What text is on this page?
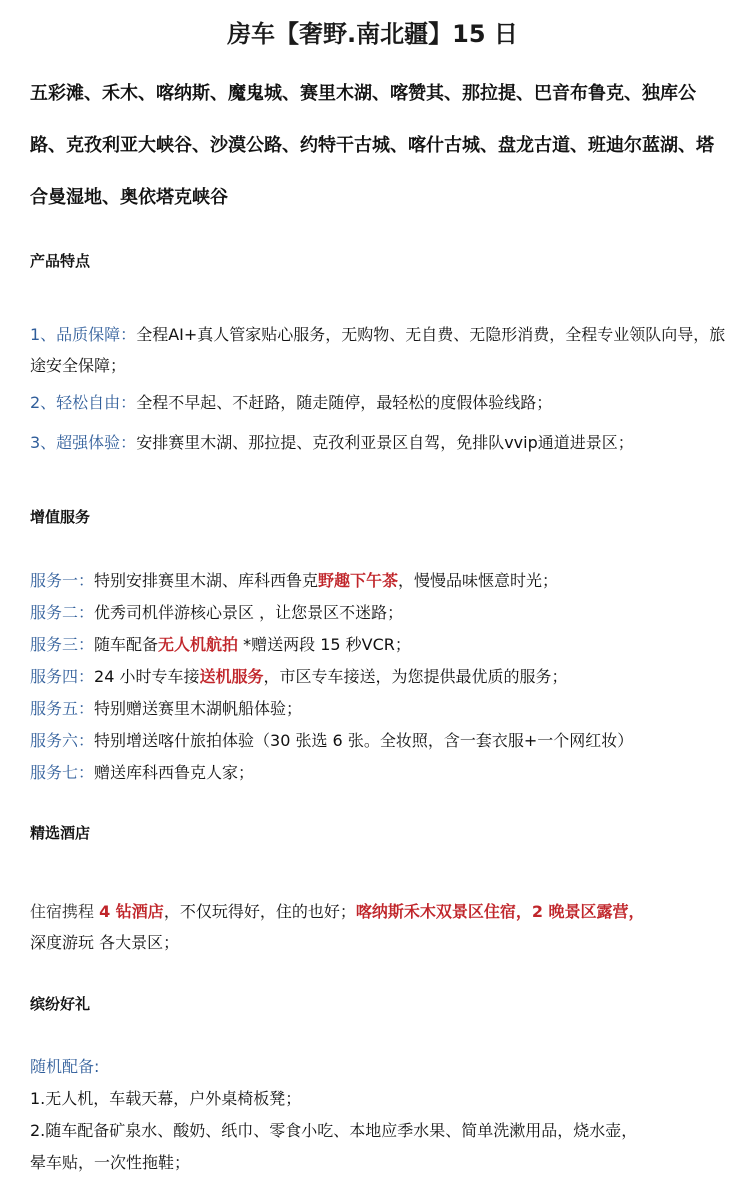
房车【奢野.南北疆】15 日
五彩滩、禾木、喀纳斯、魔鬼城、赛里木湖、喀赞其、那拉提、巴音布鲁克、独库公路、克孜利亚大峡谷、沙漠公路、约特干古城、喀什古城、盘龙古道、班迪尔蓝湖、塔合曼湿地、奥依塔克峡谷
产品特点
1、品质保障：全程AI+真人管家贴心服务，无购物、无自费、无隐形消费，全程专业领队向导，旅途安全保障；
2、轻松自由：全程不早起、不赶路，随走随停，最轻松的度假体验线路；
3、超强体验：安排赛里木湖、那拉提、克孜利亚景区自驾，免排队vvip通道进景区；
增值服务
服务一：特别安排赛里木湖、库科西鲁克野趣下午茶，慢慢品味惬意时光；
服务二：优秀司机伴游核心景区 ，让您景区不迷路；
服务三：随车配备无人机航拍 *赠送两段 15 秒VCR；
服务四：24 小时专车接送机服务，市区专车接送，为您提供最优质的服务；
服务五：特别赠送赛里木湖帆船体验；
服务六：特别增送喀什旅拍体验（30 张选 6 张。全妆照，含一套衣服+一个网红妆）
服务七：赠送库科西鲁克人家；
精选酒店
住宿携程 4 钻酒店，不仅玩得好，住的也好；喀纳斯禾木双景区住宿，2 晚景区露营，
深度游玩 各大景区；
缤纷好礼
随机配备:
1.无人机，车载天幕，户外桌椅板凳；
2.随车配备矿泉水、酸奶、纸巾、零食小吃、本地应季水果、简单洗漱用品，烧水壶，
晕车贴，一次性拖鞋；
